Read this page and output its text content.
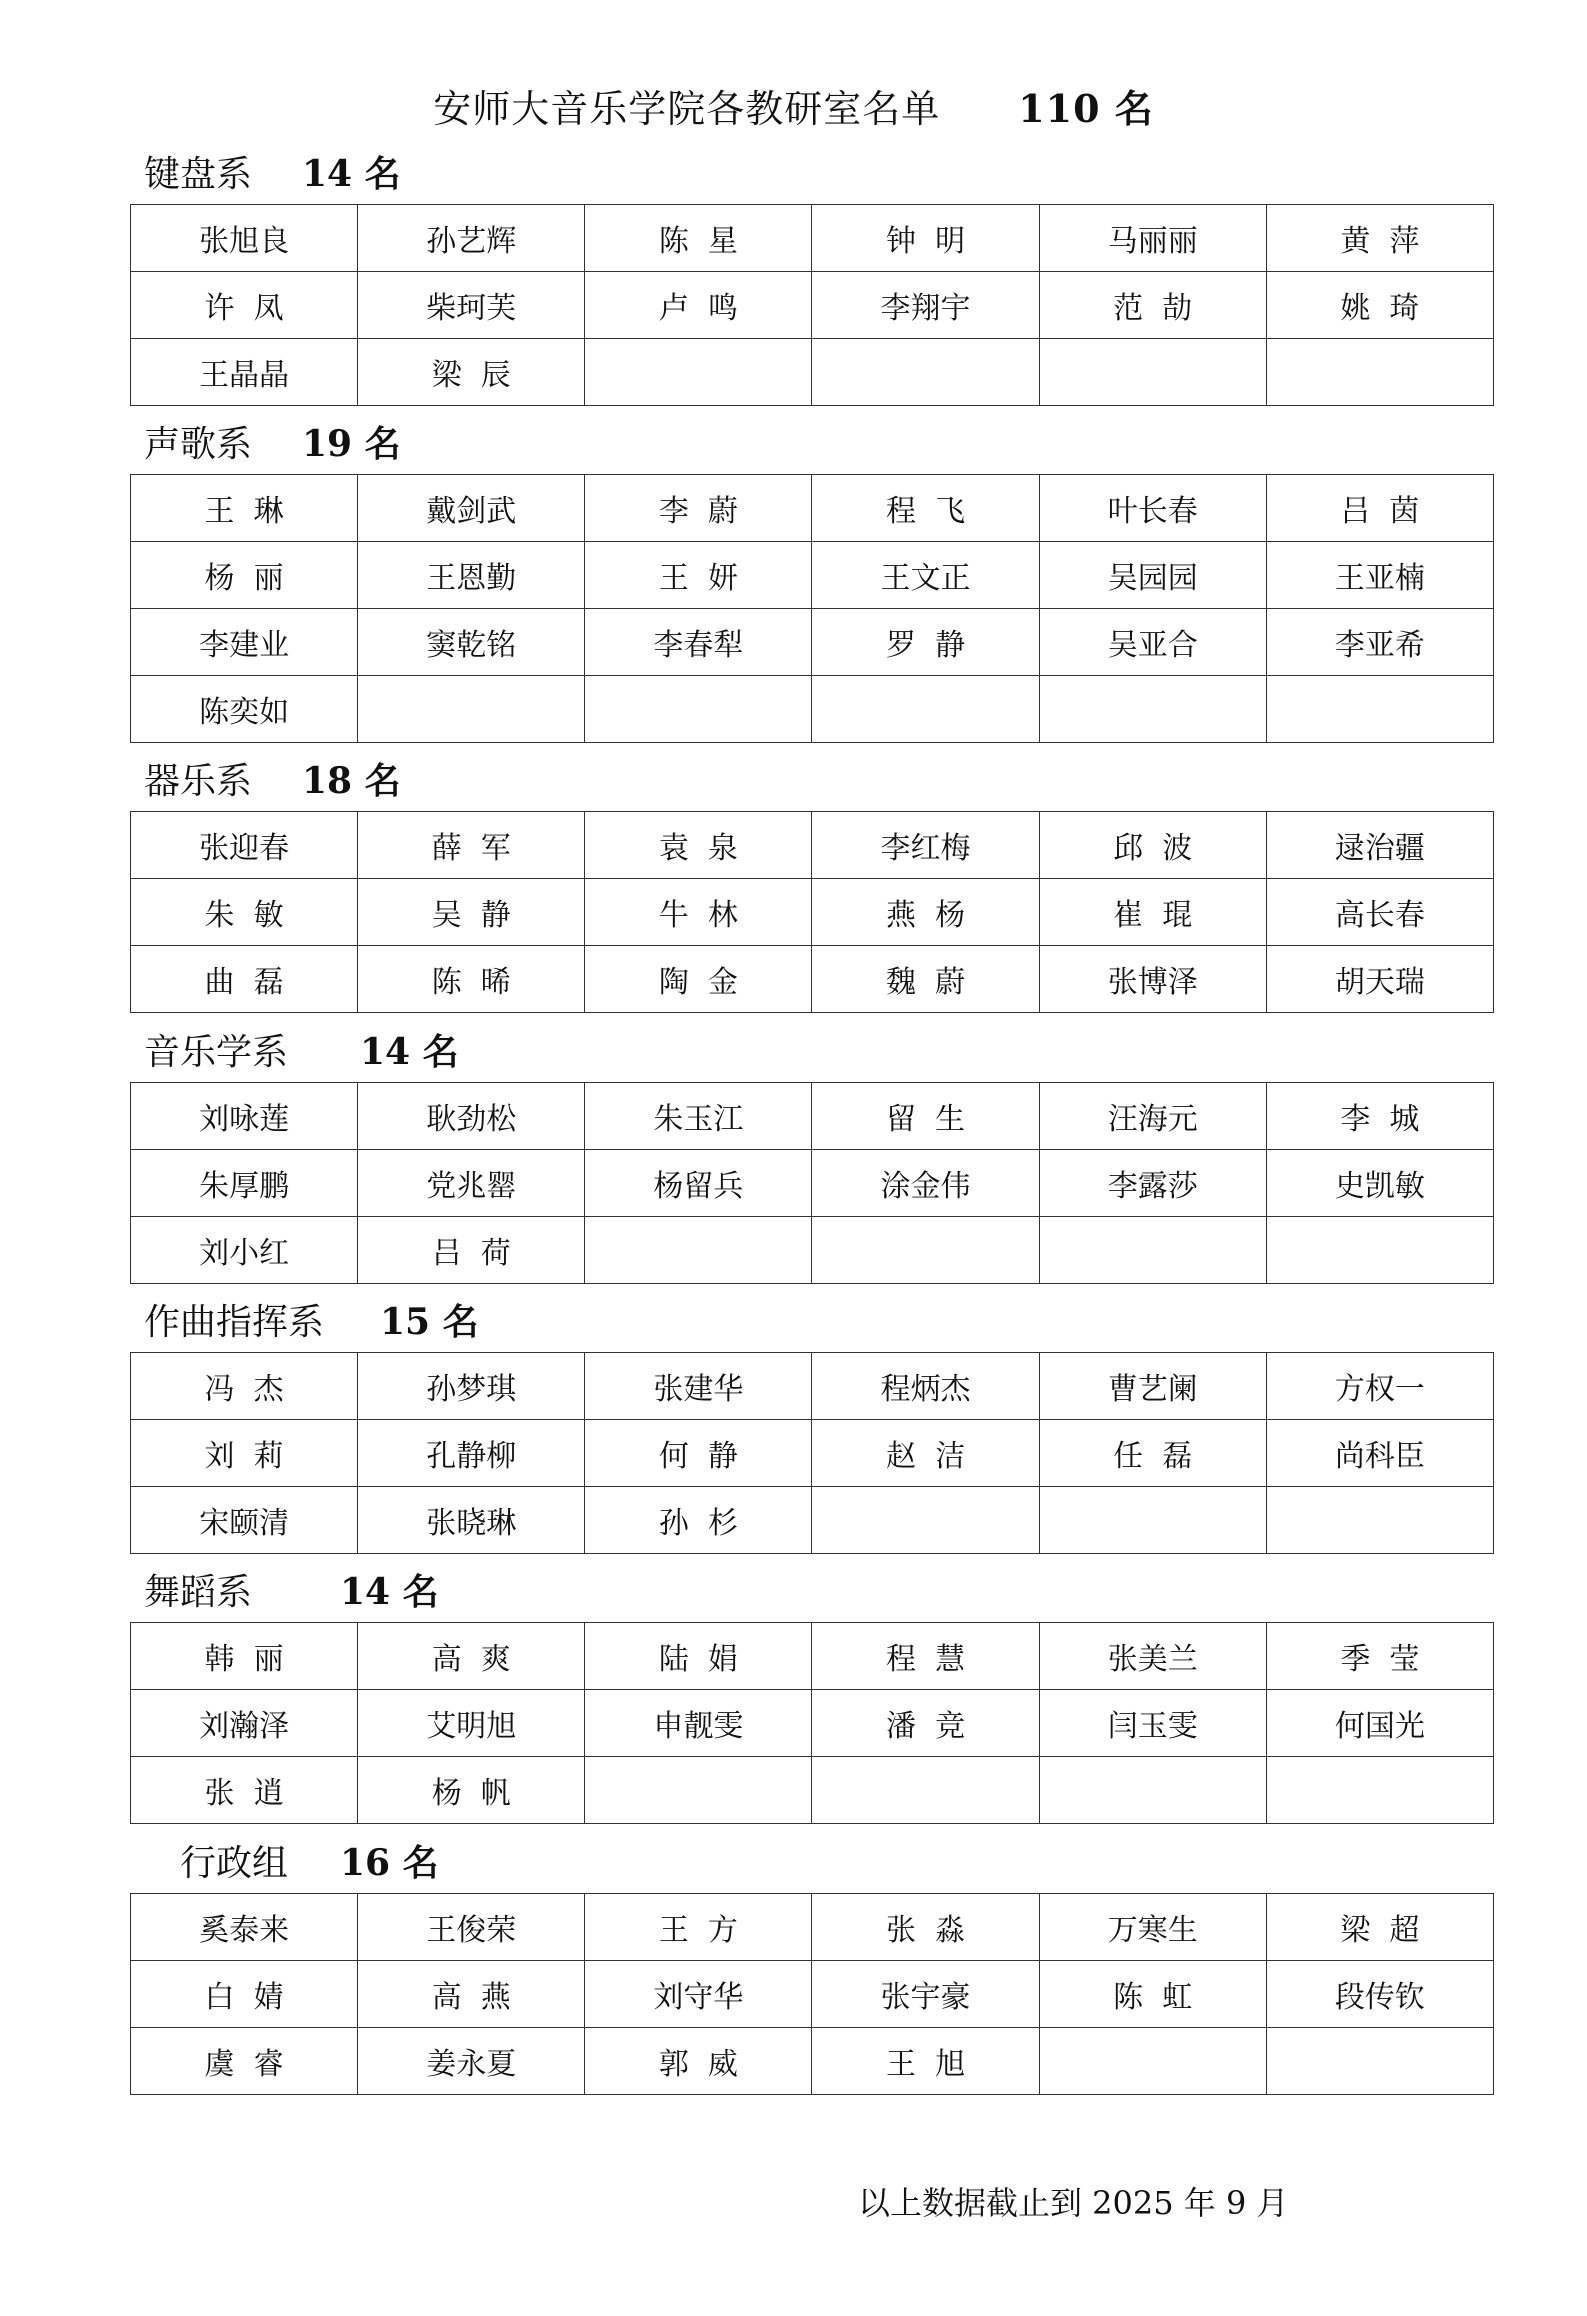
安师大音乐学院各教研室名单 110 名
键盘系 14 名
张旭良	孙艺辉	陈  星	钟  明	马丽丽	黄  萍
许  凤	柴珂芙	卢  鸣	李翔宇	范  劼	姚  琦
王晶晶	梁  辰				
声歌系 19 名
王  琳	戴剑武	李  蔚	程  飞	叶长春	吕  茵
杨  丽	王恩勤	王  妍	王文正	吴园园	王亚楠
李建业	窦乾铭	李春犁	罗  静	吴亚合	李亚希
陈奕如					
器乐系 18 名
张迎春	薛  军	袁  泉	李红梅	邱  波	逯治疆
朱  敏	吴  静	牛  林	燕  杨	崔  琨	高长春
曲  磊	陈  晞	陶  金	魏  蔚	张博泽	胡天瑞
音乐学系 14 名
刘咏莲	耿劲松	朱玉江	留  生	汪海元	李  城
朱厚鹏	党兆罂	杨留兵	涂金伟	李露莎	史凯敏
刘小红	吕  荷				
作曲指挥系 15 名
冯  杰	孙梦琪	张建华	程炳杰	曹艺阑	方权一
刘  莉	孔静柳	何  静	赵  洁	任  磊	尚科臣
宋颐清	张晓琳	孙  杉			
舞蹈系 14 名
韩  丽	高  爽	陆  娟	程  慧	张美兰	季  莹
刘瀚泽	艾明旭	申靓雯	潘  竞	闫玉雯	何国光
张  逍	杨  帆				
行政组 16 名
奚泰来	王俊荣	王  方	张  淼	万寒生	梁  超
白  婧	高  燕	刘守华	张宇豪	陈  虹	段传钦
虞  睿	姜永夏	郭  威	王  旭		
以上数据截止到 2025 年 9 月
